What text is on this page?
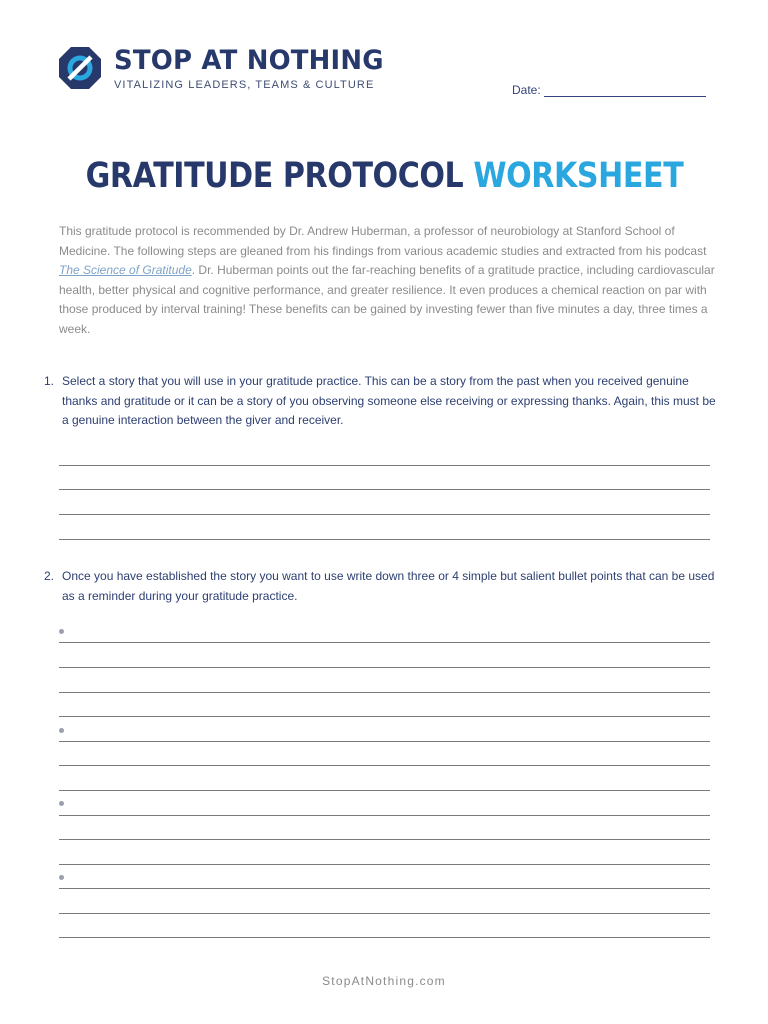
STOP AT NOTHING
VITALIZING LEADERS, TEAMS & CULTURE	Date:
GRATITUDE PROTOCOL WORKSHEET
This gratitude protocol is recommended by Dr. Andrew Huberman, a professor of neurobiology at Stanford School of Medicine. The following steps are gleaned from his findings from various academic studies and extracted from his podcast The Science of Gratitude. Dr. Huberman points out the far-reaching benefits of a gratitude practice, including cardiovascular health, better physical and cognitive performance, and greater resilience. It even produces a chemical reaction on par with those produced by interval training! These benefits can be gained by investing fewer than five minutes a day, three times a week.
1. Select a story that you will use in your gratitude practice. This can be a story from the past when you received genuine thanks and gratitude or it can be a story of you observing someone else receiving or expressing thanks. Again, this must be a genuine interaction between the giver and receiver.
2. Once you have established the story you want to use write down three or 4 simple but salient bullet points that can be used as a reminder during your gratitude practice.
StopAtNothing.com
